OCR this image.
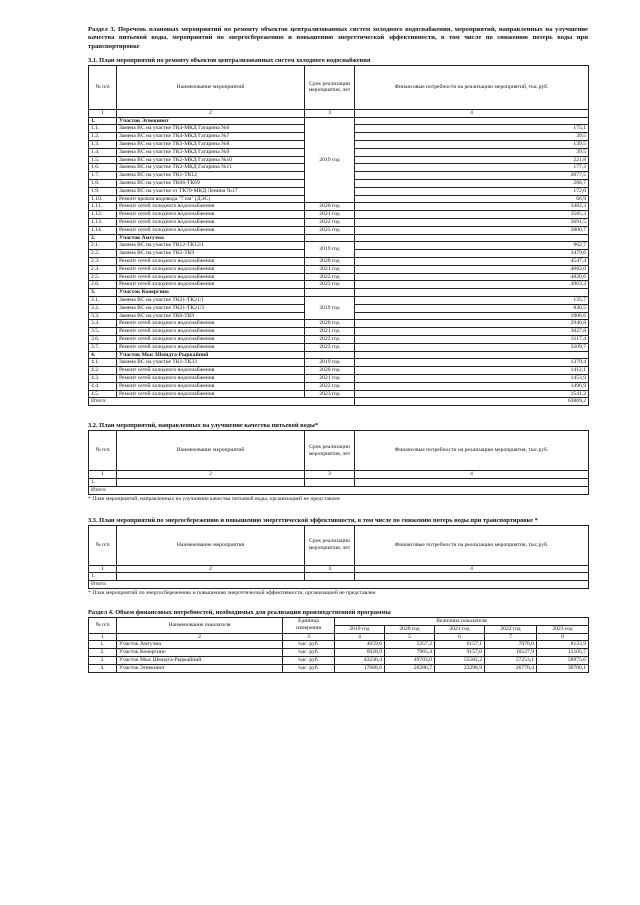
Раздел 3. Перечень плановых мероприятий по ремонту объектов централизованных систем холодного водоснабжения, мероприятий, направленных на улучшение качества питьевой воды, мероприятий по энергосбережению и повышению энергетической эффективности, в том числе по снижению потерь воды при транспортировке

3.1. План мероприятий по ремонту объектов централизованных систем холодного водоснабжения

№ п/п	Наименование мероприятий	Срок реализации мероприятия, лет	Финансовые потребности на реализацию мероприятий, тыс.руб.
1	2	3	4
1.	Участок Эгвекинот	2019 год	
1.1.	Замена ВС на участке ТК4-МКД Гагарина №6		175,1
1.2.	Замена ВС на участке ТК4-МКД Гагарина №7		39,5
1.3.	Замена ВС на участке ТК3-МКД Гагарина №8		139,5
1.4.	Замена ВС на участке ТК3-МКД Гагарина №9		39,5
1.5.	Замена ВС на участке ТК2-МКД Гагарина №10		221,8
1.6.	Замена ВС на участке ТК2-МКД Гагарина №11		177,3
1.7.	Замена ВС на участке ТК1-ТК12		2077,5
1.8.	Замена ВС на участке ТК66-ТК69		288,7
1.9.	Замена ВС на участке от ТК70-МКД Ленина №17		172,0
1.10.	Ремонт кровли водовода "7 км" (ДЭС)		66,9
1.11.	Ремонт сетей холодного водоснабжения	2020 год	3482,3
1.12.	Ремонт сетей холодного водоснабжения	2021 год	3585,3
1.13.	Ремонт сетей холодного водоснабжения	2022 год	3691,5
1.14.	Ремонт сетей холодного водоснабжения	2023 год	3800,7
2.	Участок Амгуэма		
2.1.	Замена ВС на участке ТК12-ТК12/1	2019 год	962,7
2.2.	Замена ВС на участке ТК5-ТК9		3479,6
2.3.	Ремонт сетей холодного водоснабжения	2020 год	4547,4
2.4.	Ремонт сетей холодного водоснабжения	2021 год	4682,0
2.5.	Ремонт сетей холодного водоснабжения	2022 год	4820,6
2.6.	Ремонт сетей холодного водоснабжения	2023 год	4963,3
3.	Участок Конергино		
3.1.	Замена ВС на участке ТК21-ТК21/1	2019 год	135,7
3.2.	Замена ВС на участке ТК21-ТК21/3		830,5
3.3.	Замена ВС на участке ТК6-ТК9		1906,6
3.4.	Ремонт сетей холодного водоснабжения	2020 год	2940,8
3.5.	Ремонт сетей холодного водоснабжения	2021 год	3027,8
3.6.	Ремонт сетей холодного водоснабжения	2022 год	3117,4
3.7.	Ремонт сетей холодного водоснабжения	2023 год	3209,7
4.	Участок Мыс Шмидта-Рыркайпий		
4.1.	Замена ВС на участке ТК1-ТК33	2019 год	1379,4
4.2.	Ремонт сетей холодного водоснабжения	2020 год	1412,1
4.3.	Ремонт сетей холодного водоснабжения	2021 год	1453,9
4.4.	Ремонт сетей холодного водоснабжения	2022 год	1496,9
4.5.	Ремонт сетей холодного водоснабжения	2023 год	1541,2
Итого:			63869,2

3.2. План мероприятий, направленных на улучшение качества питьевой воды*

№ п/п	Наименование мероприятий	Срок реализации мероприятия, лет	Финансовые потребности на реализацию мероприятия, тыс.руб.
1	2	3	4
1.			
Итого:			

* План мероприятий, направленных на улучшение качества питьевой воды, организацией не представлен

3.3. План мероприятий по энергосбережению и повышению энергетической эффективности, в том числе по снижению потерь воды при транспортировке *

№ п/п	Наименование мероприятия	Срок реализации мероприятия, лет	Финансовые потребности на реализацию мероприятия, тыс.руб.
1	2	3	4
1.			
Итого:			

* План мероприятий по энергосбережению и повышению энергетической эффективности, организацией не представлен

Раздел 4. Объем финансовых потребностей, необходимых для реализации производственной программы

№ п/п	Наименование показателя	Единица измерения	Величина показателя				
			2019 год	2020 год	2021 год	2022 год	2023 год
1	2	3	4	5	6	7	8
1.	Участок Амгуэма	тыс. руб.	4659,6	5357,2	6157,1	7076,0	8133,9
2.	Участок Конергино	тыс. руб.	6928,9	7965,4	9157,0	10527,9	12105,7
3.	Участок Мыс Шмидта-Рыркайпий	тыс. руб.	43230,4	49703,0	55582,2	57253,1	58975,6
4.	Участок Эгвекинот	тыс. руб.	17668,6	20286,7	23298,9	26770,4	30760,1
